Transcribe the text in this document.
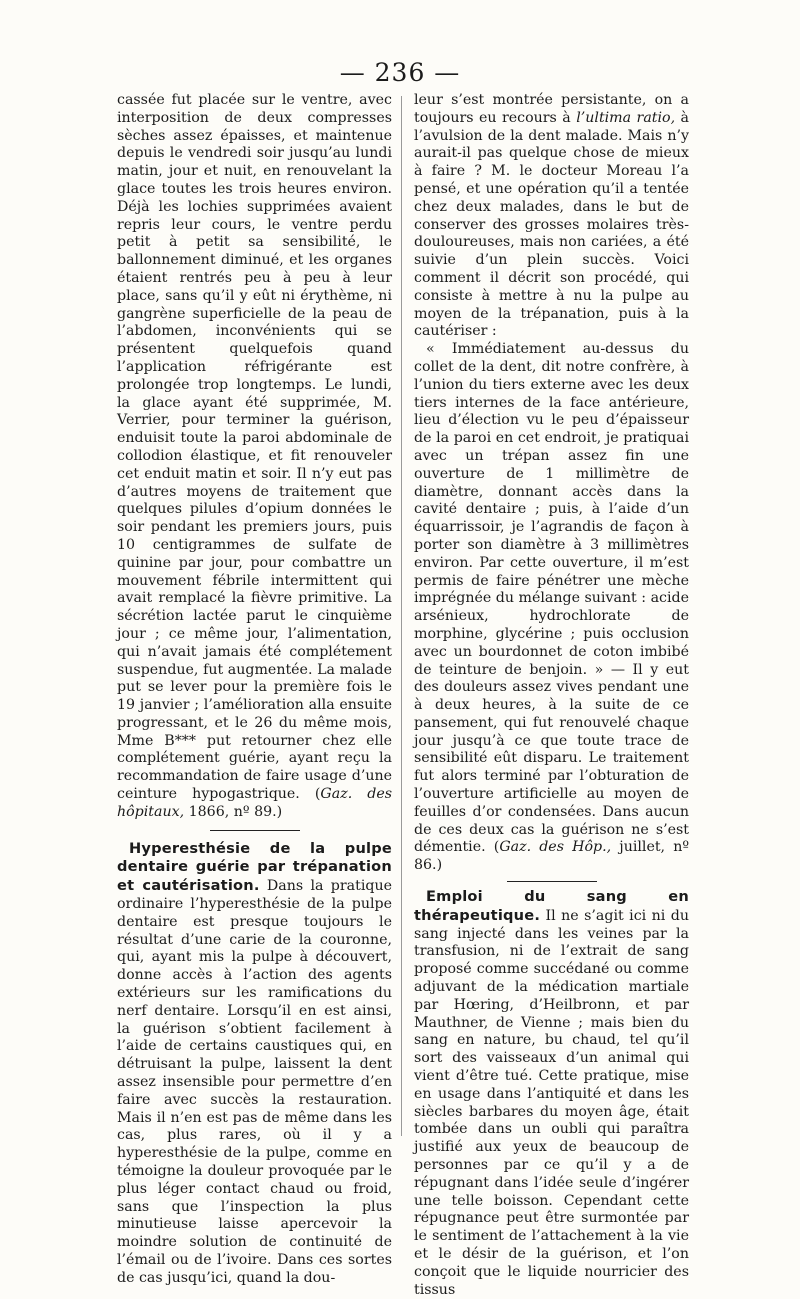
— 236 —

cassée fut placée sur le ventre, avec interposition de deux compresses sèches assez épaisses, et maintenue depuis le vendredi soir jusqu’au lundi matin, jour et nuit, en renouvelant la glace toutes les trois heures environ. Déjà les lochies supprimées avaient repris leur cours, le ventre perdu petit à petit sa sensibilité, le ballonnement diminué, et les organes étaient rentrés peu à peu à leur place, sans qu’il y eût ni érythème, ni gangrène superficielle de la peau de l’abdomen, inconvénients qui se présentent quelquefois quand l’application réfrigérante est prolongée trop longtemps. Le lundi, la glace ayant été supprimée, M. Verrier, pour terminer la guérison, enduisit toute la paroi abdominale de collodion élastique, et fit renouveler cet enduit matin et soir. Il n’y eut pas d’autres moyens de traitement que quelques pilules d’opium données le soir pendant les premiers jours, puis 10 centigrammes de sulfate de quinine par jour, pour combattre un mouvement fébrile intermittent qui avait remplacé la fièvre primitive. La sécrétion lactée parut le cinquième jour ; ce même jour, l’alimentation, qui n’avait jamais été complétement suspendue, fut augmentée. La malade put se lever pour la première fois le 19 janvier ; l’amélioration alla ensuite progressant, et le 26 du même mois, Mme B*** put retourner chez elle complétement guérie, ayant reçu la recommandation de faire usage d’une ceinture hypogastrique. (Gaz. des hôpitaux, 1866, nº 89.)

Hyperesthésie de la pulpe dentaire guérie par trépanation et cautérisation. Dans la pratique ordinaire l’hyperesthésie de la pulpe dentaire est presque toujours le résultat d’une carie de la couronne, qui, ayant mis la pulpe à découvert, donne accès à l’action des agents extérieurs sur les ramifications du nerf dentaire. Lorsqu’il en est ainsi, la guérison s’obtient facilement à l’aide de certains caustiques qui, en détruisant la pulpe, laissent la dent assez insensible pour permettre d’en faire avec succès la restauration. Mais il n’en est pas de même dans les cas, plus rares, où il y a hyperesthésie de la pulpe, comme en témoigne la douleur provoquée par le plus léger contact chaud ou froid, sans que l’inspection la plus minutieuse laisse apercevoir la moindre solution de continuité de l’émail ou de l’ivoire. Dans ces sortes de cas jusqu’ici, quand la dou-

leur s’est montrée persistante, on a toujours eu recours à l’ultima ratio, à l’avulsion de la dent malade. Mais n’y aurait-il pas quelque chose de mieux à faire ? M. le docteur Moreau l’a pensé, et une opération qu’il a tentée chez deux malades, dans le but de conserver des grosses molaires très-douloureuses, mais non cariées, a été suivie d’un plein succès. Voici comment il décrit son procédé, qui consiste à mettre à nu la pulpe au moyen de la trépanation, puis à la cautériser :

« Immédiatement au-dessus du collet de la dent, dit notre confrère, à l’union du tiers externe avec les deux tiers internes de la face antérieure, lieu d’élection vu le peu d’épaisseur de la paroi en cet endroit, je pratiquai avec un trépan assez fin une ouverture de 1 millimètre de diamètre, donnant accès dans la cavité dentaire ; puis, à l’aide d’un équarrissoir, je l’agrandis de façon à porter son diamètre à 3 millimètres environ. Par cette ouverture, il m’est permis de faire pénétrer une mèche imprégnée du mélange suivant : acide arsénieux, hydrochlorate de morphine, glycérine ; puis occlusion avec un bourdonnet de coton imbibé de teinture de benjoin. » — Il y eut des douleurs assez vives pendant une à deux heures, à la suite de ce pansement, qui fut renouvelé chaque jour jusqu’à ce que toute trace de sensibilité eût disparu. Le traitement fut alors terminé par l’obturation de l’ouverture artificielle au moyen de feuilles d’or condensées. Dans aucun de ces deux cas la guérison ne s’est démentie. (Gaz. des Hôp., juillet, nº 86.)

Emploi du sang en thérapeutique. Il ne s’agit ici ni du sang injecté dans les veines par la transfusion, ni de l’extrait de sang proposé comme succédané ou comme adjuvant de la médication martiale par Hœring, d’Heilbronn, et par Mauthner, de Vienne ; mais bien du sang en nature, bu chaud, tel qu’il sort des vaisseaux d’un animal qui vient d’être tué. Cette pratique, mise en usage dans l’antiquité et dans les siècles barbares du moyen âge, était tombée dans un oubli qui paraîtra justifié aux yeux de beaucoup de personnes par ce qu’il y a de répugnant dans l’idée seule d’ingérer une telle boisson. Cependant cette répugnance peut être surmontée par le sentiment de l’attachement à la vie et le désir de la guérison, et l’on conçoit que le liquide nourricier des tissus
